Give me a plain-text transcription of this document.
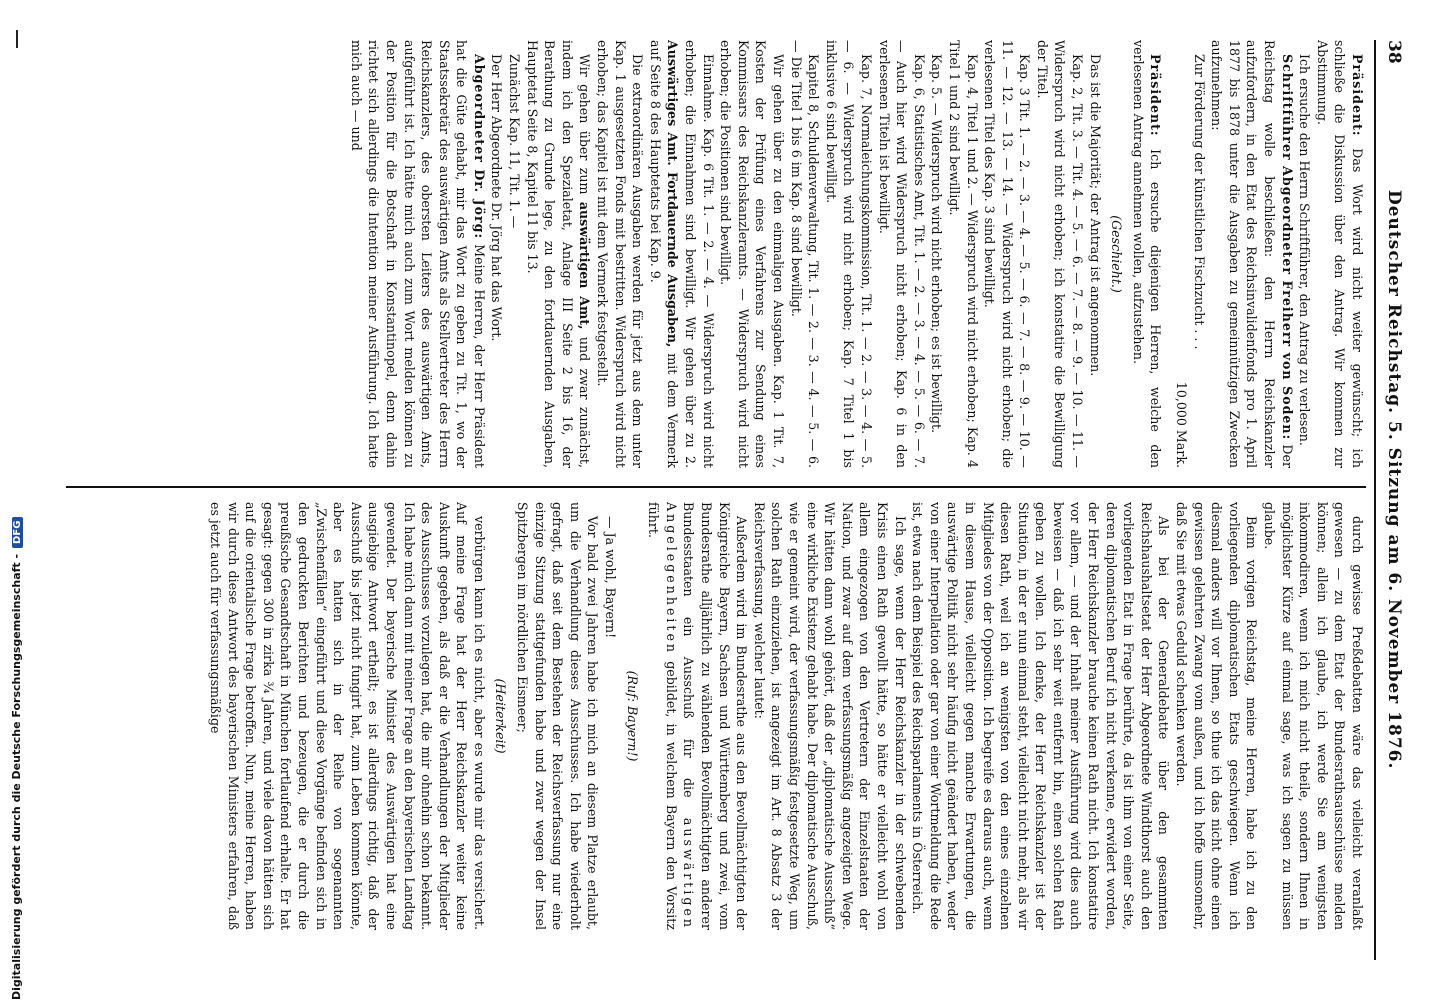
38
Deutscher Reichstag. 5. Sitzung am 6. November 1876.

Präsident: Das Wort wird nicht weiter gewünscht; ich schließe die Diskussion über den Antrag. Wir kommen zur Abstimmung.

Ich ersuche den Herrn Schriftführer, den Antrag zu verlesen.

Schriftführer Abgeordneter Freiherr von Soden: Der Reichstag wolle beschließen: den Herrn Reichskanzler aufzufordern, in den Etat des Reichsinvalidenfonds pro 1. April 1877 bis 1878 unter die Ausgaben zu gemeinnützigen Zwecken aufzunehmen:

Zur Förderung der künstlichen Fischzucht . . .

10,000 Mark.

Präsident: Ich ersuche diejenigen Herren, welche den verlesenen Antrag annehmen wollen, aufzustehen.

(Geschieht.)

Das ist die Majorität; der Antrag ist angenommen.

Kap. 2, Tit. 3. — Tit. 4. — 5. — 6. — 7. — 8. — 9. — 10. — 11. — Widerspruch wird nicht erhoben; ich konstatire die Bewilligung der Titel.

Kap. 3 Tit. 1. — 2. — 3. — 4. — 5. — 6. — 7. — 8. — 9. — 10. — 11. — 12. — 13. — 14. — Widerspruch wird nicht erhoben; die verlesenen Titel des Kap. 3 sind bewilligt.

Kap. 4, Titel 1 und 2. — Widerspruch wird nicht erhoben; Kap. 4 Titel 1 und 2 sind bewilligt.

Kap. 5. — Widerspruch wird nicht erhoben; es ist bewilligt.

Kap. 6, Statistisches Amt, Tit. 1. — 2. — 3. — 4. — 5. — 6. — 7. — Auch hier wird Widerspruch nicht erhoben; Kap. 6 in den verlesenen Titeln ist bewilligt.

Kap. 7, Normaleichungskommission, Tit. 1. — 2. — 3. — 4. — 5. — 6. — Widerspruch wird nicht erhoben; Kap. 7 Titel 1 bis inklusive 6 sind bewilligt.

Kapitel 8, Schuldenverwaltung, Tit. 1. — 2. — 3. — 4. — 5. — 6. — Die Titel 1 bis 6 im Kap. 8 sind bewilligt.

Wir gehen über zu den einmaligen Ausgaben. Kap. 1 Tit. 7, Kosten der Prüfung eines Verfahrens zur Sendung eines Kommissars des Reichskanzleramts. — Widerspruch wird nicht erhoben; die Positionen sind bewilligt.

Einnahme. Kap. 6 Tit. 1. — 2. — 4. — Widerspruch wird nicht erhoben; die Einnahmen sind bewilligt. Wir gehen über zu 2. Auswärtiges Amt. Fortdauernde Ausgaben, mit dem Vermerk auf Seite 8 des Hauptetats bei Kap. 9.

Die extraordinären Ausgaben werden für jetzt aus dem unter Kap. 1 ausgesetzten Fonds mit bestritten. Widerspruch wird nicht erhoben; das Kapitel ist mit dem Vermerk festgestellt.

Wir gehen über zum auswärtigen Amt, und zwar zunächst, indem ich den Spezialetat, Anlage III Seite 2 bis 16, der Berathung zu Grunde lege, zu den fortdauernden Ausgaben, Hauptetat Seite 8, Kapitel 11 bis 13.

Zunächst Kap. 11, Tit. 1. —

Der Herr Abgeordnete Dr. Jörg hat das Wort.

Abgeordneter Dr. Jörg: Meine Herren, der Herr Präsident hat die Güte gehabt, mir das Wort zu geben zu Tit. 1, wo der Staatssekretär des auswärtigen Amts als Stellvertreter des Herrn Reichskanzlers, des obersten Leiters des auswärtigen Amts, aufgeführt ist. Ich hätte mich auch zum Wort melden können zu der Position für die Botschaft in Konstantinopel, denn dahin richtet sich allerdings die Intention meiner Ausführung. Ich hatte mich auch — und

durch gewisse Preßdebatten wäre das vielleicht veranlaßt gewesen — zu dem Etat der Bundesrathsausschüsse melden können; allein ich glaube, ich werde Sie am wenigsten inkommodiren, wenn ich mich nicht theile, sondern Ihnen in möglichster Kürze auf einmal sage, was ich sagen zu müssen glaube.

Beim vorigen Reichstag, meine Herren, habe ich zu den vorliegenden diplomatischen Etats geschwiegen. Wenn ich diesmal anders will vor Ihnen, so thue ich das nicht ohne einen gewissen gelehrten Zwang vom außen, und ich hoffe umsomehr, daß Sie mit etwas Geduld schenken werden.

Als bei der Generaldebatte über den gesammten Reichshaushaltsetat der Herr Abgeordnete Windthorst auch den vorliegenden Etat in Frage berührte, da ist ihm von einer Seite, deren diplomatischen Beruf ich nicht verkenne, erwidert worden, der Herr Reichskanzler brauche keinen Rath nicht. Ich konstatire vor allem, — und der Inhalt meiner Ausführung wird dies auch beweisen — daß ich sehr weit entfernt bin, einen solchen Rath geben zu wollen. Ich denke, der Herr Reichskanzler ist der Situation, in der er nun einmal steht, vielleicht nicht mehr, als wir diesen Rath, weil ich an wenigsten von den eines einzelnen Mitgliedes von der Opposition. Ich begreife es daraus auch, wenn in diesem Hause, vielleicht gegen manche Erwartungen, die auswärtige Politik nicht sehr häufig nicht geändert haben, weder von einer Interpellation oder gar von einer Wortmeldung die Rede ist, etwa nach dem Beispiel des Reichsparlaments in Österreich.

Ich sage, wenn der Herr Reichskanzler in der schwebenden Krisis einen Rath gewollt hätte, so hätte er vielleicht wohl von allem eingezogen von den Vertretern der Einzelstaaten der Nation, und zwar auf dem verfassungsmäßig angezeigten Wege. Wir hätten dann wohl gehört, daß der „diplomatische Ausschuß“ eine wirkliche Existenz gehabt habe. Der diplomatische Ausschuß, wie er gemeint wird, der verfassungsmäßig festgesetzte Weg, um solchen Rath einzuziehen, ist angezeigt im Art. 8 Absatz 3 der Reichsverfassung, welcher lautet:

Außerdem wird im Bundesrathe aus den Bevollmächtigten der Königreiche Bayern, Sachsen und Württemberg und zwei, vom Bundesrathe alljährlich zu wählenden Bevollmächtigten anderer Bundesstaaten ein Ausschuß für die auswärtigen Angelegenheiten gebildet, in welchem Bayern den Vorsitz führt.

(Ruf: Bayern!)

— Ja wohl, Bayern!

Vor bald zwei Jahren habe ich mich an diesem Platze erlaubt, um die Verhandlung dieses Ausschusses. Ich habe wiederholt gefragt, daß seit dem Bestehen der Reichsverfassung nur eine einzige Sitzung stattgefunden habe und zwar wegen der Insel Spitzbergen im nördlichen Eismeer;

(Heiterkeit)

verbürgen kann ich es nicht, aber es wurde mir das versichert. Auf meine Frage hat der Herr Reichskanzler weiter keine Auskunft gegeben, als daß er die Verhandlungen der Mitglieder des Ausschusses vorzulegen hat, die mir ohnehin schon bekannt. Ich habe mich dann mit meiner Frage an den bayerischen Landtag gewendet. Der bayerische Minister des Auswärtigen hat eine ausgiebige Antwort ertheilt; es ist allerdings richtig, daß der Ausschuß bis jetzt nicht fungirt hat, zum Leben kommen könnte, aber es hatten sich in der Reihe von sogenannten „Zwischenfällen“ eingeführt und diese Vorgänge befinden sich in den gedruckten Berichten und bezeugen, die er durch die preußische Gesandtschaft in München fortlaufend erhalte. Er hat gesagt: gegen 300 in zirka ¾ Jahren, und viele davon hätten sich auf die orientalische Frage betroffen. Nun, meine Herren, haben wir durch diese Antwort des bayerischen Ministers erfahren, daß es jetzt auch für verfassungsmäßige

Digitalisierung gefördert durch die Deutsche Forschungsgemeinschaft -DFG
